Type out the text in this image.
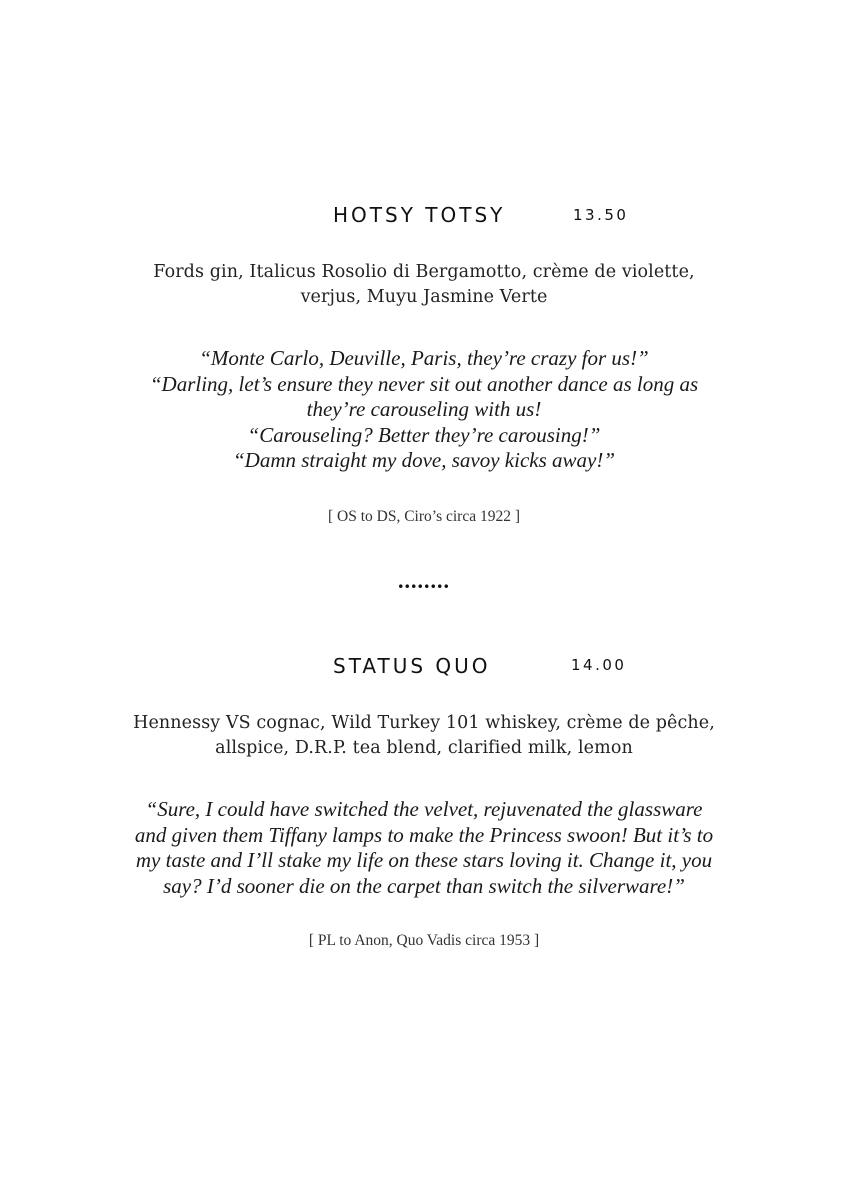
HOTSY TOTSY	13.50
Fords gin, Italicus Rosolio di Bergamotto, crème de violette,
verjus, Muyu Jasmine Verte
“Monte Carlo, Deuville, Paris, they’re crazy for us!”
“Darling, let’s ensure they never sit out another dance as long as
they’re carouseling with us!
“Carouseling? Better they’re carousing!”
“Damn straight my dove, savoy kicks away!”
[ OS to DS, Ciro’s circa 1922 ]
........
STATUS QUO	14.00
Hennessy VS cognac, Wild Turkey 101 whiskey, crème de pêche,
allspice, D.R.P. tea blend, clarified milk, lemon
“Sure, I could have switched the velvet, rejuvenated the glassware
and given them Tiffany lamps to make the Princess swoon! But it’s to
my taste and I’ll stake my life on these stars loving it. Change it, you
say? I’d sooner die on the carpet than switch the silverware!”
[ PL to Anon, Quo Vadis circa 1953 ]
